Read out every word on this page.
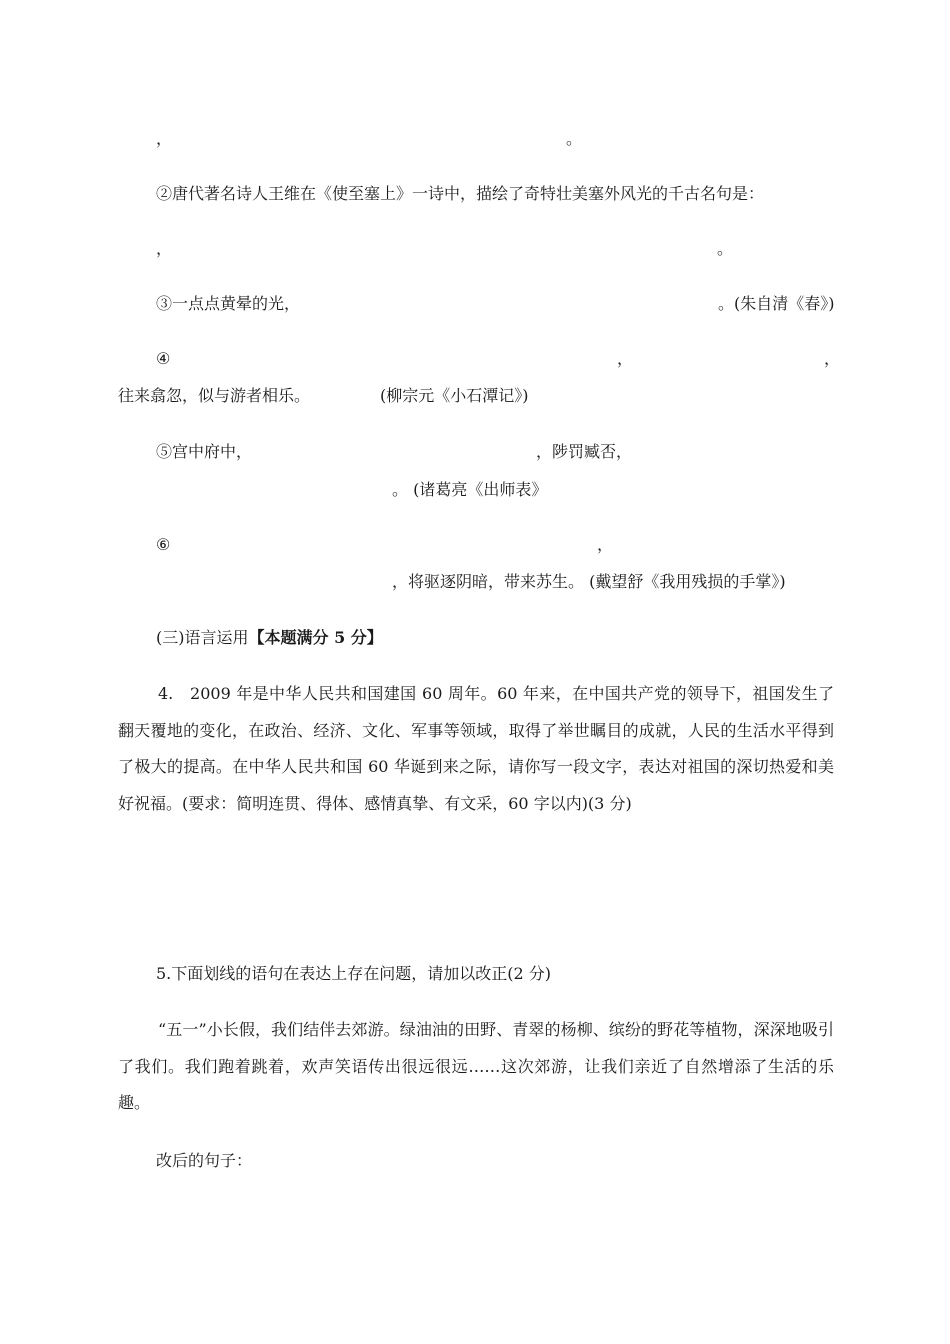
，	。
②唐代著名诗人王维在《使至塞上》一诗中，描绘了奇特壮美塞外风光的千古名句是：
，	。
③一点点黄晕的光，	。(朱自清《春》)
④	，	，
往来翕忽，似与游者相乐。	(柳宗元《小石潭记》)
⑤宫中府中，	，陟罚臧否，
。 (诸葛亮《出师表》
⑥	，
，将驱逐阴暗，带来苏生。 (戴望舒《我用残损的手掌》)
(三)语言运用【本题满分 5 分】
4.　2009 年是中华人民共和国建国 60 周年。60 年来，在中国共产党的领导下，祖国发生了翻天覆地的变化，在政治、经济、文化、军事等领域，取得了举世瞩目的成就，人民的生活水平得到了极大的提高。在中华人民共和国 60 华诞到来之际，请你写一段文字，表达对祖国的深切热爱和美好祝福。(要求：简明连贯、得体、感情真挚、有文采，60 字以内)(3 分)
5.下面划线的语句在表达上存在问题，请加以改正(2 分)
“五一”小长假，我们结伴去郊游。绿油油的田野、青翠的杨柳、缤纷的野花等植物，深深地吸引了我们。我们跑着跳着，欢声笑语传出很远很远……这次郊游，让我们亲近了自然增添了生活的乐趣。
改后的句子：
